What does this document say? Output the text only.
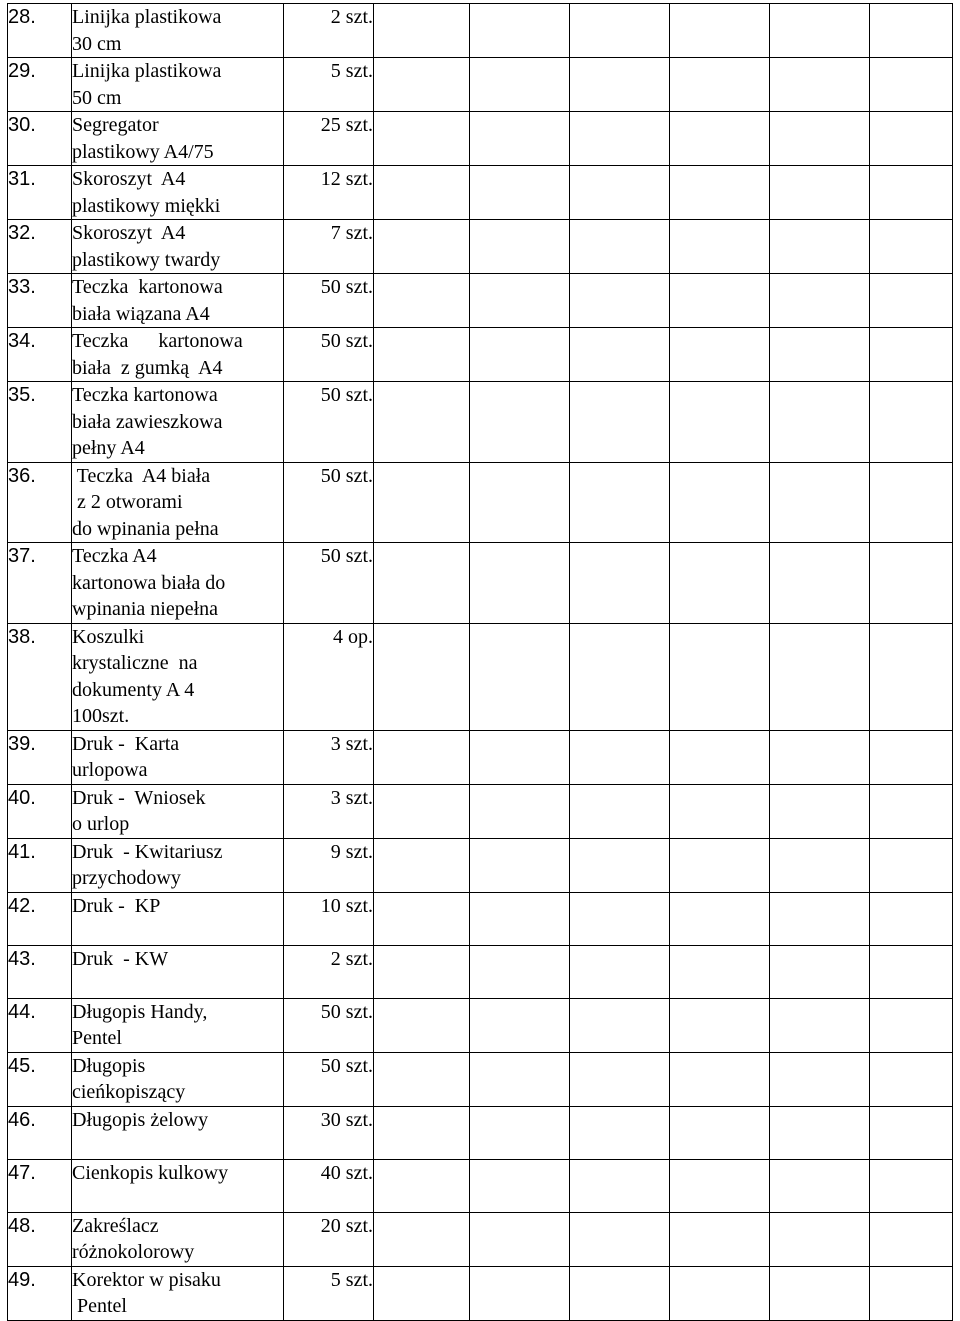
28.	Linijka plastikowa
30 cm	2 szt.						
29.	Linijka plastikowa
50 cm	5 szt.						
30.	Segregator
plastikowy A4/75	25 szt.						
31.	Skoroszyt  A4
plastikowy miękki	12 szt.						
32.	Skoroszyt  A4
plastikowy twardy	7 szt.						
33.	Teczka  kartonowa
biała wiązana A4	50 szt.						
34.	Teczka      kartonowa
biała  z gumką  A4	50 szt.						
35.	Teczka kartonowa
biała zawieszkowa
pełny A4	50 szt.						
36.	Teczka  A4 biała
z 2 otworami
do wpinania pełna	50 szt.						
37.	Teczka A4
kartonowa biała do
wpinania niepełna	50 szt.						
38.	Koszulki
krystaliczne  na
dokumenty A 4
100szt.	4 op.						
39.	Druk -  Karta
urlopowa	3 szt.						
40.	Druk -  Wniosek
o urlop	3 szt.						
41.	Druk  - Kwitariusz
przychodowy	9 szt.						
42.	Druk -  KP	10 szt.						
43.	Druk  - KW	2 szt.						
44.	Długopis Handy,
Pentel	50 szt.						
45.	Długopis
cieńkopiszący	50 szt.						
46.	Długopis żelowy	30 szt.						
47.	Cienkopis kulkowy	40 szt.						
48.	Zakreślacz
różnokolorowy	20 szt.						
49.	Korektor w pisaku
Pentel	5 szt.						
